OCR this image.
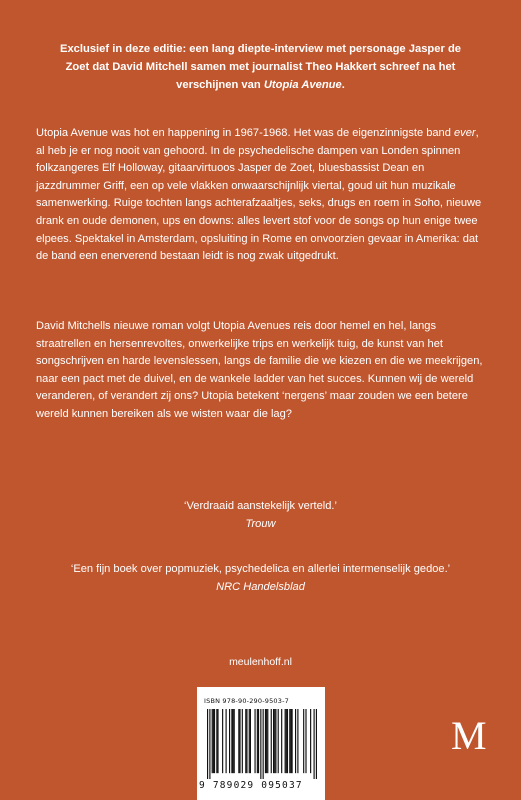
Exclusief in deze editie: een lang diepte-interview met personage Jasper de Zoet dat David Mitchell samen met journalist Theo Hakkert schreef na het verschijnen van Utopia Avenue.

Utopia Avenue was hot en happening in 1967-1968. Het was de eigenzinnigste band ever, al heb je er nog nooit van gehoord. In de psychedelische dampen van Londen spinnen folkzangeres Elf Holloway, gitaarvirtuoos Jasper de Zoet, bluesbassist Dean en jazzdrummer Griff, een op vele vlakken onwaarschijnlijk viertal, goud uit hun muzikale samenwerking. Ruige tochten langs achterafzaaltjes, seks, drugs en roem in Soho, nieuwe drank en oude demonen, ups en downs: alles levert stof voor de songs op hun enige twee elpees. Spektakel in Amsterdam, opsluiting in Rome en onvoorzien gevaar in Amerika: dat de band een enerverend bestaan leidt is nog zwak uitgedrukt.

David Mitchells nieuwe roman volgt Utopia Avenues reis door hemel en hel, langs straatrellen en hersenrevoltes, onwerkelijke trips en werkelijk tuig, de kunst van het songschrijven en harde levenslessen, langs de familie die we kiezen en die we meekrijgen, naar een pact met de duivel, en de wankele ladder van het succes. Kunnen wij de wereld veranderen, of verandert zij ons? Utopia betekent ‘nergens’ maar zouden we een betere wereld kunnen bereiken als we wisten waar die lag?

‘Verdraaid aanstekelijk verteld.’
Trouw
‘Een fijn boek over popmuziek, psychedelica en allerlei intermenselijk gedoe.’
NRC Handelsblad
meulenhoff.nl
ISBN 978-90-290-9503-7
9 789029 095037
M
